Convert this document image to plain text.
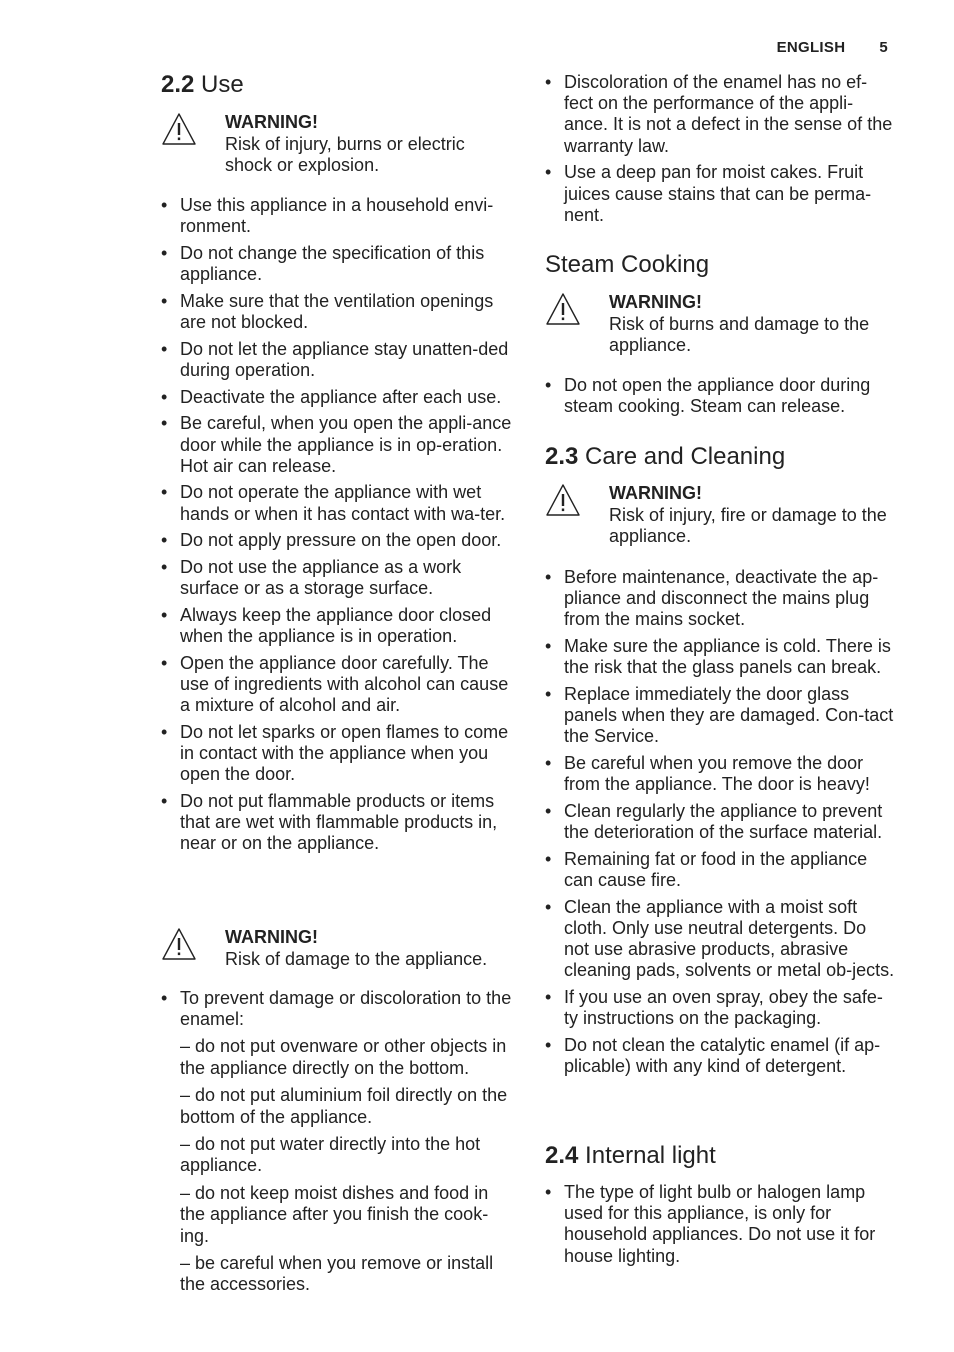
ENGLISH 5
2.2 Use
WARNING!
Risk of injury, burns or electric shock or explosion.
• Use this appliance in a household envi-ronment.
• Do not change the specification of this appliance.
• Make sure that the ventilation openings are not blocked.
• Do not let the appliance stay unatten-ded during operation.
• Deactivate the appliance after each use.
• Be careful, when you open the appli-ance door while the appliance is in op-eration. Hot air can release.
• Do not operate the appliance with wet hands or when it has contact with wa-ter.
• Do not apply pressure on the open door.
• Do not use the appliance as a work surface or as a storage surface.
• Always keep the appliance door closed when the appliance is in operation.
• Open the appliance door carefully. The use of ingredients with alcohol can cause a mixture of alcohol and air.
• Do not let sparks or open flames to come in contact with the appliance when you open the door.
• Do not put flammable products or items that are wet with flammable products in, near or on the appliance.
WARNING!
Risk of damage to the appliance.
• To prevent damage or discoloration to the enamel:
– do not put ovenware or other objects in the appliance directly on the bottom.
– do not put aluminium foil directly on the bottom of the appliance.
– do not put water directly into the hot appliance.
– do not keep moist dishes and food in the appliance after you finish the cook-ing.
– be careful when you remove or install the accessories.
• Discoloration of the enamel has no ef-fect on the performance of the appli-ance. It is not a defect in the sense of the warranty law.
• Use a deep pan for moist cakes. Fruit juices cause stains that can be perma-nent.
Steam Cooking
WARNING!
Risk of burns and damage to the appliance.
• Do not open the appliance door during steam cooking. Steam can release.
2.3 Care and Cleaning
WARNING!
Risk of injury, fire or damage to the appliance.
• Before maintenance, deactivate the ap-pliance and disconnect the mains plug from the mains socket.
• Make sure the appliance is cold. There is the risk that the glass panels can break.
• Replace immediately the door glass panels when they are damaged. Con-tact the Service.
• Be careful when you remove the door from the appliance. The door is heavy!
• Clean regularly the appliance to prevent the deterioration of the surface material.
• Remaining fat or food in the appliance can cause fire.
• Clean the appliance with a moist soft cloth. Only use neutral detergents. Do not use abrasive products, abrasive cleaning pads, solvents or metal ob-jects.
• If you use an oven spray, obey the safe-ty instructions on the packaging.
• Do not clean the catalytic enamel (if ap-plicable) with any kind of detergent.
2.4 Internal light
• The type of light bulb or halogen lamp used for this appliance, is only for household appliances. Do not use it for house lighting.
